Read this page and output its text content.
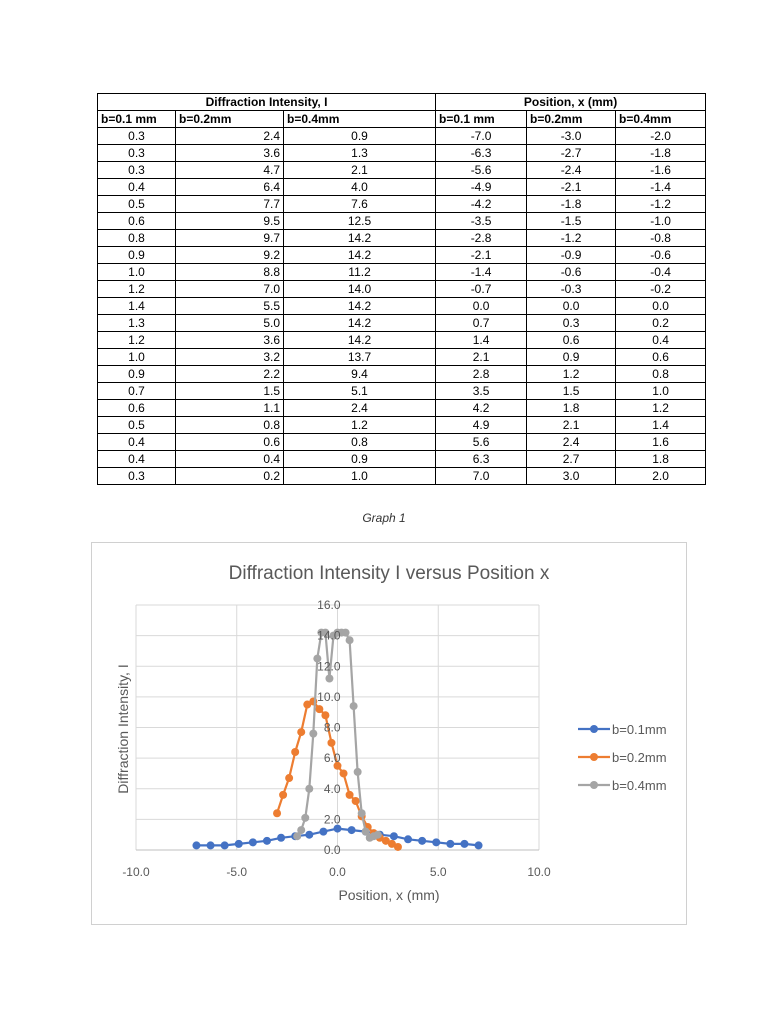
Diffraction Intensity, I			Position, x (mm)		
b=0.1 mm	b=0.2mm	b=0.4mm	b=0.1 mm	b=0.2mm	b=0.4mm
0.3	2.4	0.9	-7.0	-3.0	-2.0
0.3	3.6	1.3	-6.3	-2.7	-1.8
0.3	4.7	2.1	-5.6	-2.4	-1.6
0.4	6.4	4.0	-4.9	-2.1	-1.4
0.5	7.7	7.6	-4.2	-1.8	-1.2
0.6	9.5	12.5	-3.5	-1.5	-1.0
0.8	9.7	14.2	-2.8	-1.2	-0.8
0.9	9.2	14.2	-2.1	-0.9	-0.6
1.0	8.8	11.2	-1.4	-0.6	-0.4
1.2	7.0	14.0	-0.7	-0.3	-0.2
1.4	5.5	14.2	0.0	0.0	0.0
1.3	5.0	14.2	0.7	0.3	0.2
1.2	3.6	14.2	1.4	0.6	0.4
1.0	3.2	13.7	2.1	0.9	0.6
0.9	2.2	9.4	2.8	1.2	0.8
0.7	1.5	5.1	3.5	1.5	1.0
0.6	1.1	2.4	4.2	1.8	1.2
0.5	0.8	1.2	4.9	2.1	1.4
0.4	0.6	0.8	5.6	2.4	1.6
0.4	0.4	0.9	6.3	2.7	1.8
0.3	0.2	1.0	7.0	3.0	2.0
Graph 1
Diffraction Intensity I versus Position x
0.0
2.0
4.0
6.0
8.0
10.0
12.0
14.0
16.0
-10.0	-5.0	0.0	5.0	10.0
Position, x (mm)
Diffraction Intensity, I	b=0.1mm
b=0.2mm
b=0.4mm
